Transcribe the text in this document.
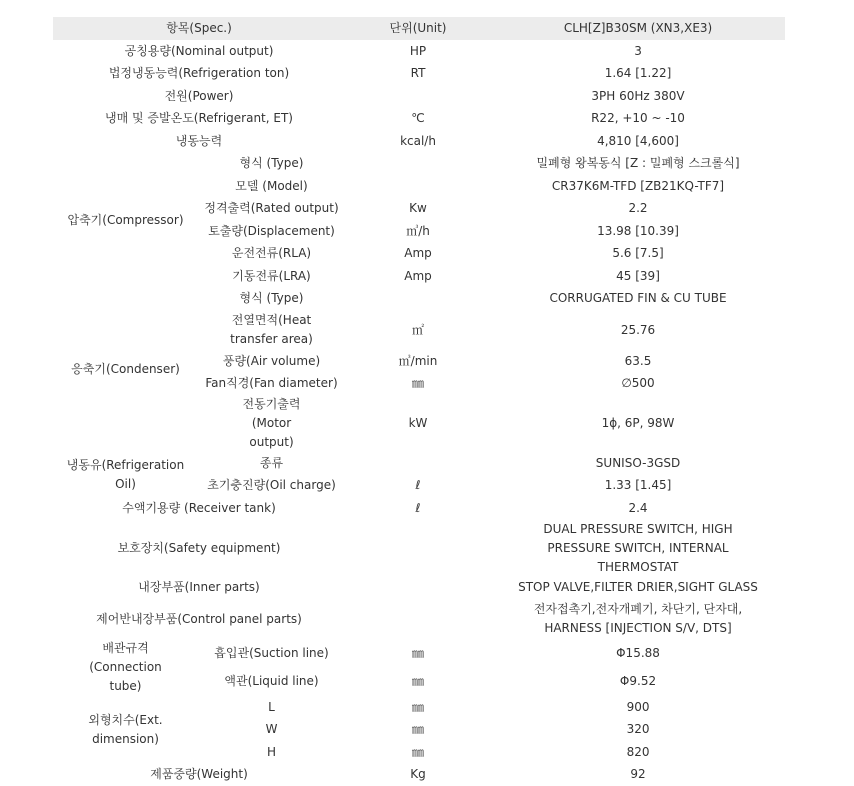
항목(Spec.)		단위(Unit)	CLH[Z]B30SM (XN3,XE3)
공칭용량(Nominal output)		HP	3
법정냉동능력(Refrigeration ton)		RT	1.64 [1.22]
전원(Power)			3PH 60Hz 380V
냉매 및 증발온도(Refrigerant, ET)		℃	R22, +10 ~ -10
냉동능력		kcal/h	4,810 [4,600]
압축기(Compressor)	형식 (Type)		밀폐형 왕복동식 [Z : 밀폐형 스크롤식]
	모델 (Model)		CR37K6M-TFD [ZB21KQ-TF7]
	정격출력(Rated output)	Kw	2.2
	토출량(Displacement)	㎥/h	13.98 [10.39]
	운전전류(RLA)	Amp	5.6 [7.5]
	기동전류(LRA)	Amp	45 [39]
응축기(Condenser)	형식 (Type)		CORRUGATED FIN & CU TUBE
	전열면적(Heat transfer area)	㎡	25.76
	풍량(Air volume)	㎥/min	63.5
	Fan직경(Fan diameter)	㎜	∅500
	전동기출력(Motor output)	kW	1ϕ, 6P, 98W
냉동유(Refrigeration Oil)	종류		SUNISO-3GSD
	초기충진량(Oil charge)	ℓ	1.33 [1.45]
수액기용량 (Receiver tank)		ℓ	2.4
보호장치(Safety equipment)			DUAL PRESSURE SWITCH, HIGH PRESSURE SWITCH, INTERNAL THERMOSTAT
내장부품(Inner parts)			STOP VALVE,FILTER DRIER,SIGHT GLASS
제어반내장부품(Control panel parts)			전자접촉기,전자개폐기, 차단기, 단자대, HARNESS [INJECTION S/V, DTS]
배관규격(Connection tube)	흡입관(Suction line)	㎜	Φ15.88
	액관(Liquid line)	㎜	Φ9.52
외형치수(Ext. dimension)	L	㎜	900
	W	㎜	320
	H	㎜	820
제품중량(Weight)		Kg	92
